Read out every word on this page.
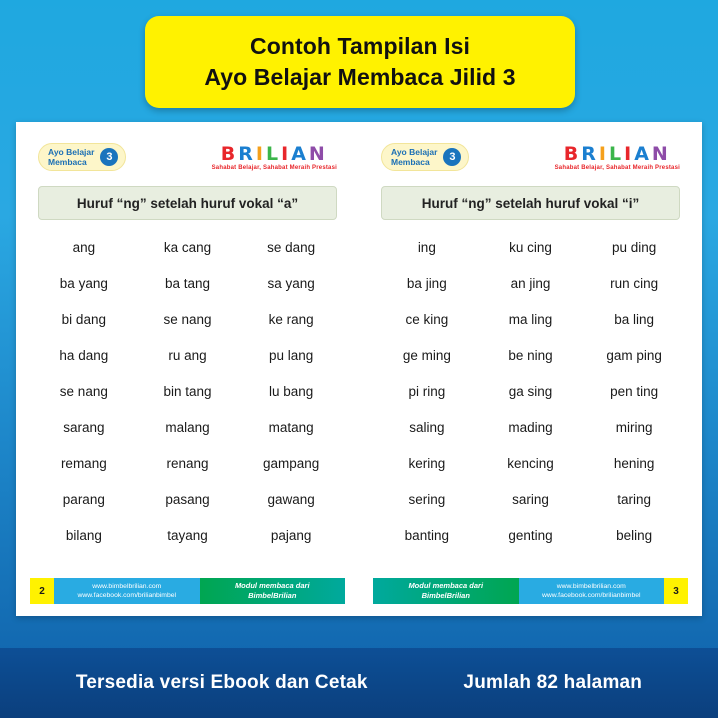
Contoh Tampilan Isi
Ayo Belajar Membaca Jilid 3
Ayo Belajar
Membaca	3	BRILIAN
Sahabat Belajar, Sahabat Meraih Prestasi
Huruf “ng” setelah huruf vokal “a”
ang	ka cang	se dang
ba yang	ba tang	sa yang
bi dang	se nang	ke rang
ha dang	ru ang	pu lang
se nang	bin tang	lu bang
sarang	malang	matang
remang	renang	gampang
parang	pasang	gawang
bilang	tayang	pajang
2	www.bimbelbrilian.com
www.facebook.com/brilianbimbel
Modul membaca dari
BimbelBrilian
Ayo Belajar
Membaca	3	BRILIAN
Sahabat Belajar, Sahabat Meraih Prestasi
Huruf “ng” setelah huruf vokal “i”
ing	ku cing	pu ding
ba jing	an jing	run cing
ce king	ma ling	ba ling
ge ming	be ning	gam ping
pi ring	ga sing	pen ting
saling	mading	miring
kering	kencing	hening
sering	saring	taring
banting	genting	beling
Modul membaca dari
BimbelBrilian
www.bimbelbrilian.com
www.facebook.com/brilianbimbel	3
Tersedia versi Ebook dan Cetak	Jumlah 82 halaman
